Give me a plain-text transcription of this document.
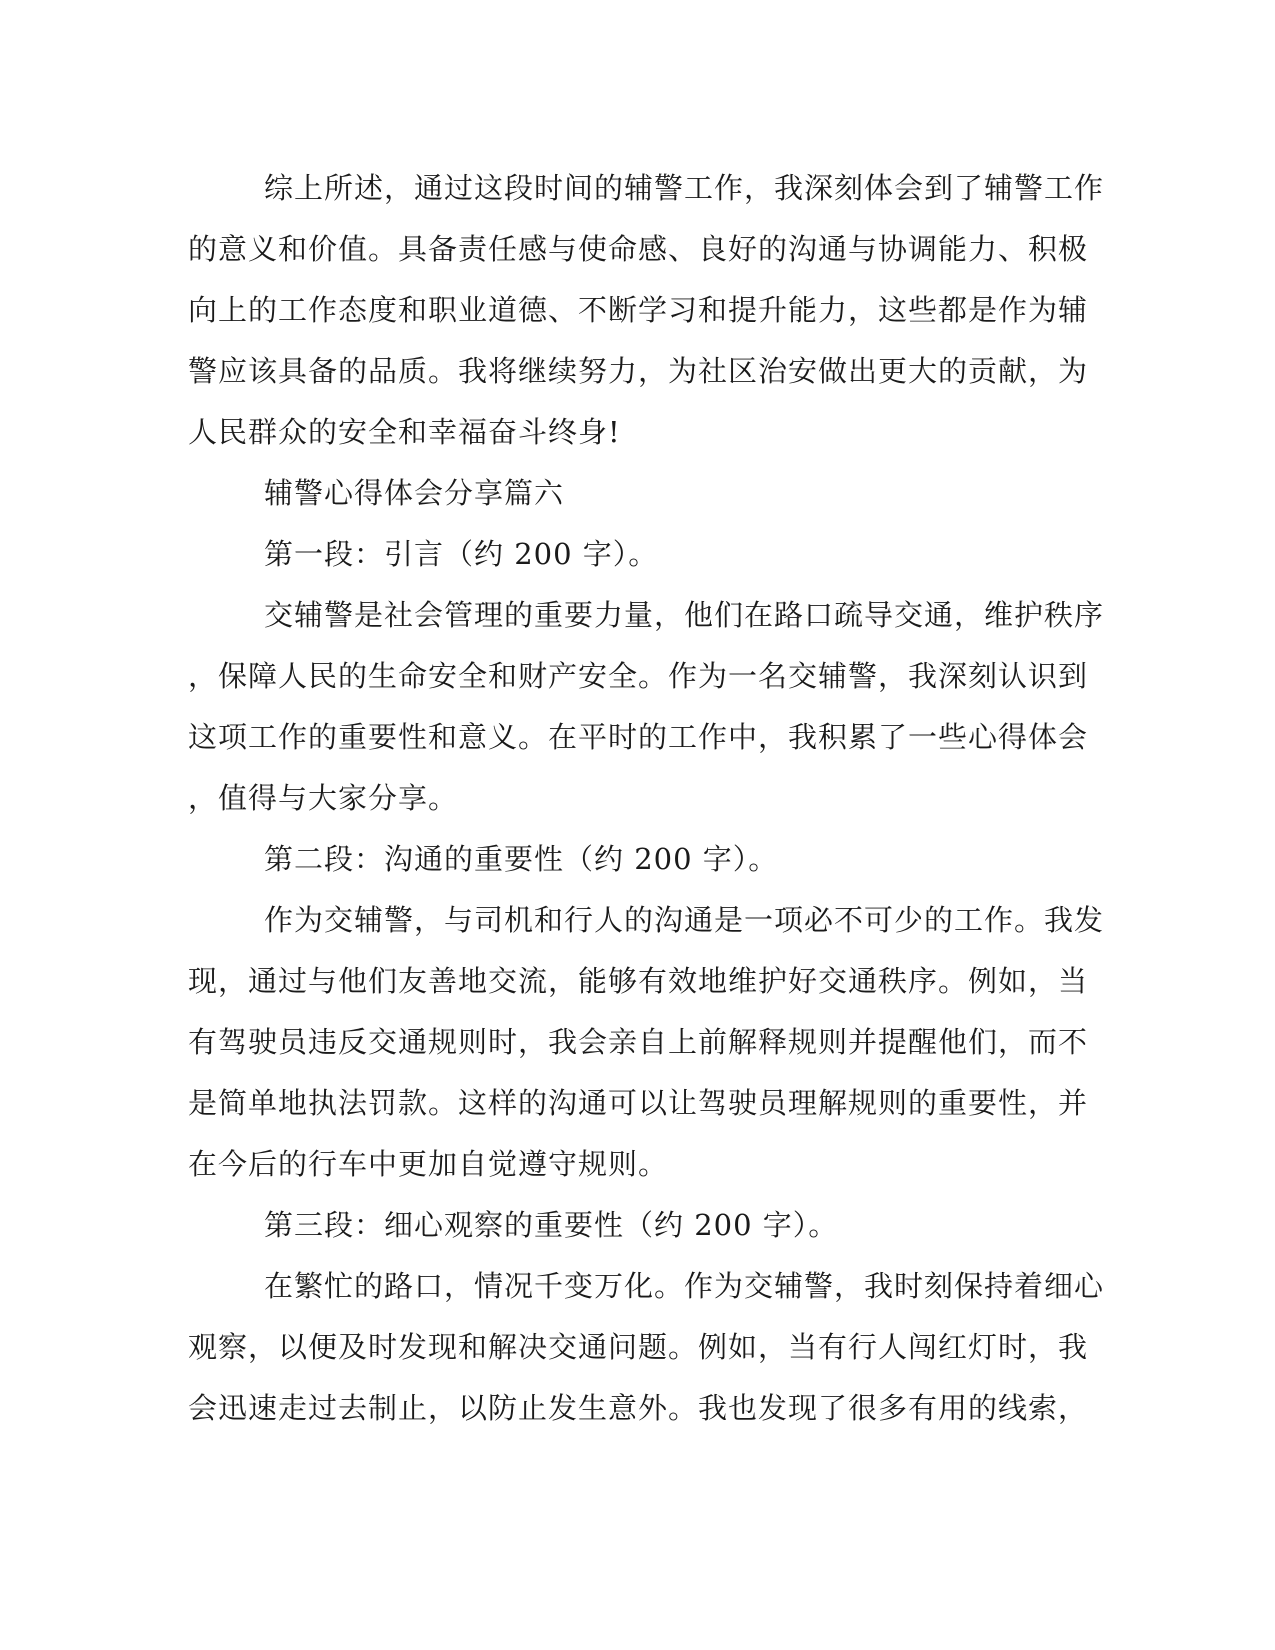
综上所述，通过这段时间的辅警工作，我深刻体会到了辅警工作
的意义和价值。具备责任感与使命感、良好的沟通与协调能力、积极
向上的工作态度和职业道德、不断学习和提升能力，这些都是作为辅
警应该具备的品质。我将继续努力，为社区治安做出更大的贡献，为
人民群众的安全和幸福奋斗终身!
辅警心得体会分享篇六
第一段：引言（约 200 字）。
交辅警是社会管理的重要力量，他们在路口疏导交通，维护秩序
，保障人民的生命安全和财产安全。作为一名交辅警，我深刻认识到
这项工作的重要性和意义。在平时的工作中，我积累了一些心得体会
，值得与大家分享。
第二段：沟通的重要性（约 200 字）。
作为交辅警，与司机和行人的沟通是一项必不可少的工作。我发
现，通过与他们友善地交流，能够有效地维护好交通秩序。例如，当
有驾驶员违反交通规则时，我会亲自上前解释规则并提醒他们，而不
是简单地执法罚款。这样的沟通可以让驾驶员理解规则的重要性，并
在今后的行车中更加自觉遵守规则。
第三段：细心观察的重要性（约 200 字）。
在繁忙的路口，情况千变万化。作为交辅警，我时刻保持着细心
观察，以便及时发现和解决交通问题。例如，当有行人闯红灯时，我
会迅速走过去制止，以防止发生意外。我也发现了很多有用的线索，
